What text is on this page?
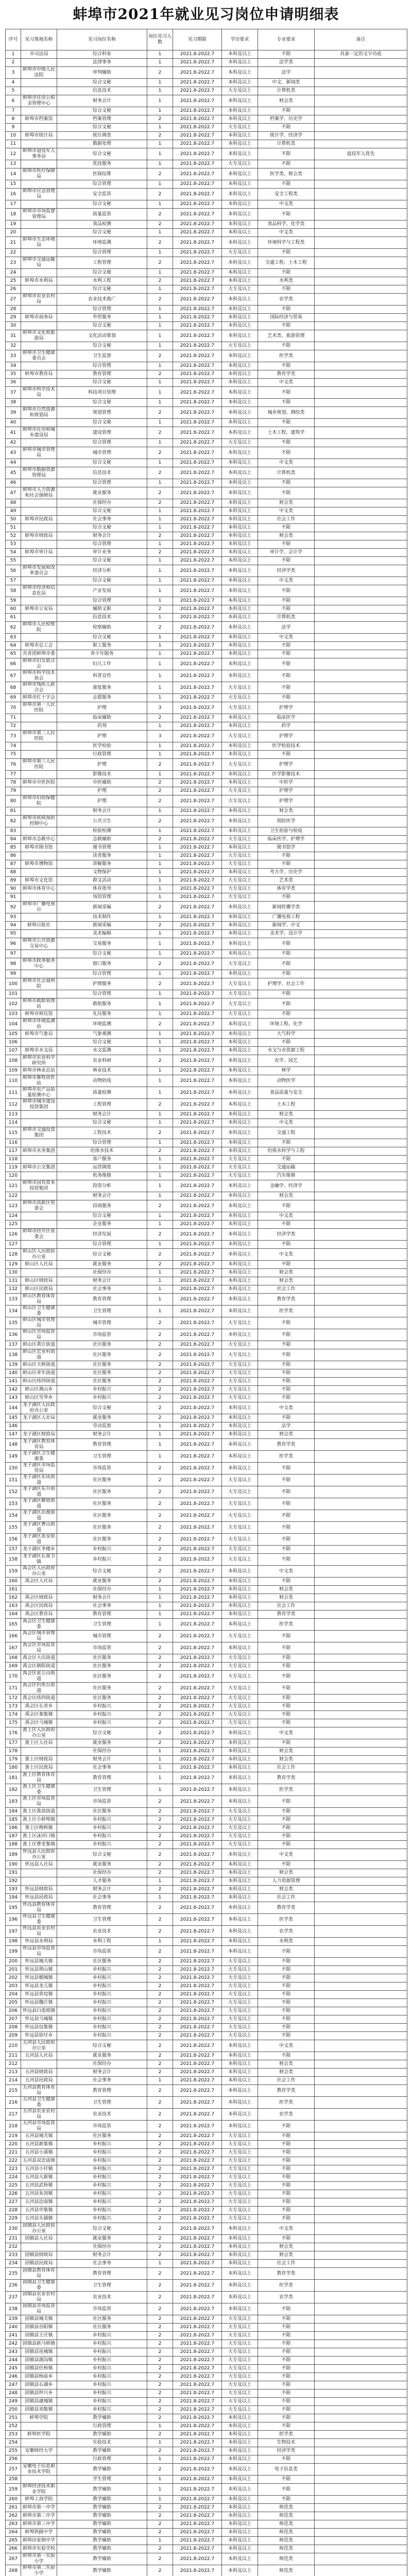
蚌埠市2021年就业见习岗位申请明细表
序号	见习基地名称	见习岗位名称	岗位见习人数	见习期限	学历要求	专业要求	备注
1	市司法局	综合科室	1	2021.8-2022.7	本科及以上	不限	具备一定的文字功底
2		法律事务	1	2021.8-2022.7	本科及以上	法学类	
3	蚌埠市中级人民法院	审判辅助	2	2021.8-2022.7	本科及以上	法学	
4		综合文秘	1	2021.8-2022.7	本科及以上	中文、新闻类	
5		信息技术	1	2021.8-2022.7	大专及以上	计算机类	
6	蚌埠市住房公积金管理中心	财务会计	1	2021.8-2022.7	本科及以上	财会类	
7		综合文秘	1	2021.8-2022.7	本科及以上	不限	
8	蚌埠市档案馆	档案管理	2	2021.8-2022.7	本科及以上	档案学、历史学	
9		综合文秘	1	2021.8-2022.7	大专及以上	不限	
10	蚌埠市统计局	统计调查	2	2021.8-2022.7	本科及以上	统计学、经济学	
11		数据处理	1	2021.8-2022.7	本科及以上	计算机类	
12	蚌埠市退役军人事务局	综合文秘	1	2021.8-2022.7	本科及以上	不限	退役军人优先
13		优抚服务	1	2021.8-2022.7	大专及以上	不限	
14	蚌埠市医疗保障局	医保结算	2	2021.8-2022.7	本科及以上	医学类、财会类	
15		综合管理	1	2021.8-2022.7	本科及以上	不限	
16	蚌埠市应急管理局	安全监管	2	2021.8-2022.7	本科及以上	安全工程类	
17		综合文秘	1	2021.8-2022.7	本科及以上	中文类	
18	蚌埠市市场监督管理局	质量监管	2	2021.8-2022.7	本科及以上	不限	
19		食品检测	2	2021.8-2022.7	本科及以上	食品科学、化学类	
20		综合文秘	1	2021.8-2022.7	本科及以上	中文类	
21	蚌埠市生态环境局	环境监测	2	2021.8-2022.7	本科及以上	环境科学与工程类	
22		综合管理	1	2021.8-2022.7	大专及以上	不限	
23	蚌埠市交通运输局	工程管理	2	2021.8-2022.7	本科及以上	交通工程、土木工程	
24		综合文秘	1	2021.8-2022.7	本科及以上	不限	
25	蚌埠市水利局	水利工程	2	2021.8-2022.7	本科及以上	水利类	
26		综合文秘	1	2021.8-2022.7	大专及以上	不限	
27	蚌埠市农业农村局	农业技术推广	2	2021.8-2022.7	本科及以上	农学类	
28		综合管理	1	2021.8-2022.7	本科及以上	不限	
29	蚌埠市商务局	外贸服务	1	2021.8-2022.7	本科及以上	国际经济与贸易	
30		综合文秘	1	2021.8-2022.7	本科及以上	不限	
31	蚌埠市文化和旅游局	文化活动策划	1	2021.8-2022.7	本科及以上	艺术类、旅游管理	
32		综合文秘	1	2021.8-2022.7	大专及以上	不限	
33	蚌埠市卫生健康委员会	卫生监督	2	2021.8-2022.7	本科及以上	医学类	
34		综合管理	1	2021.8-2022.7	本科及以上	不限	
35	蚌埠市教育局	教育管理	2	2021.8-2022.7	本科及以上	教育学类	
36		综合文秘	1	2021.8-2022.7	本科及以上	中文类	
37	蚌埠市科学技术局	科技项目管理	1	2021.8-2022.7	本科及以上	不限	
38		综合文秘	1	2021.8-2022.7	本科及以上	不限	
39	蚌埠市自然资源和规划局	规划管理	2	2021.8-2022.7	本科及以上	城乡规划、测绘类	
40		综合文秘	1	2021.8-2022.7	本科及以上	不限	
41	蚌埠市住房和城乡建设局	建设管理	2	2021.8-2022.7	本科及以上	土木工程、建筑学	
42		综合管理	1	2021.8-2022.7	大专及以上	不限	
43	蚌埠市城市管理局	城市管理	2	2021.8-2022.7	本科及以上	不限	
44		综合文秘	1	2021.8-2022.7	本科及以上	中文类	
45	蚌埠市数据资源管理局	信息技术	2	2021.8-2022.7	本科及以上	计算机类	
46		综合管理	1	2021.8-2022.7	本科及以上	不限	
47	蚌埠市人力资源和社会保障局	就业服务	2	2021.8-2022.7	本科及以上	不限	
48		社保经办	2	2021.8-2022.7	本科及以上	财会类	
49		综合文秘	1	2021.8-2022.7	本科及以上	中文类	
50	蚌埠市民政局	社会事务	1	2021.8-2022.7	本科及以上	社会工作	
51		综合文秘	1	2021.8-2022.7	本科及以上	不限	
52	蚌埠市财政局	财务会计	2	2021.8-2022.7	本科及以上	财会类	
53		综合管理	1	2021.8-2022.7	本科及以上	不限	
54	蚌埠市审计局	审计业务	2	2021.8-2022.7	本科及以上	审计学、会计学	
55		综合文秘	1	2021.8-2022.7	本科及以上	不限	
56	蚌埠市发展和改革委员会	经济分析	1	2021.8-2022.7	本科及以上	经济学类	
57		综合文秘	1	2021.8-2022.7	本科及以上	中文类	
58	蚌埠市经济和信息化局	产业发展	1	2021.8-2022.7	本科及以上	不限	
59		综合管理	1	2021.8-2022.7	本科及以上	不限	
60	蚌埠市公安局	辅助文职	2	2021.8-2022.7	本科及以上	不限	
61		信息技术	1	2021.8-2022.7	本科及以上	计算机类	
62	蚌埠市人民检察院	检察辅助	2	2021.8-2022.7	本科及以上	法学	
63		综合文秘	1	2021.8-2022.7	本科及以上	中文类	
64	蚌埠市总工会	职工服务	1	2021.8-2022.7	本科及以上	不限	
65	共青团蚌埠市委	青少年服务	1	2021.8-2022.7	本科及以上	不限	
66	蚌埠市妇女联合会	妇儿工作	1	2021.8-2022.7	本科及以上	不限	
67	蚌埠市科学技术协会	科普宣传	1	2021.8-2022.7	本科及以上	不限	
68	蚌埠市残疾人联合会	康复服务	1	2021.8-2022.7	大专及以上	不限	
69	蚌埠市红十字会	志愿服务	1	2021.8-2022.7	大专及以上	不限	
70	蚌埠市第一人民医院	护理	3	2021.8-2022.7	大专及以上	护理学	
71		临床辅助	2	2021.8-2022.7	本科及以上	临床医学	
72		药剂	1	2021.8-2022.7	本科及以上	药学	
73	蚌埠市第二人民医院	护理	3	2021.8-2022.7	大专及以上	护理学	
74		医学检验	1	2021.8-2022.7	本科及以上	医学检验技术	
75		行政管理	1	2021.8-2022.7	本科及以上	不限	
76	蚌埠市第三人民医院	护理	2	2021.8-2022.7	大专及以上	护理学	
77		影像技术	1	2021.8-2022.7	本科及以上	医学影像技术	
78	蚌埠市中医医院	中医辅助	2	2021.8-2022.7	本科及以上	中医学	
79		护理	2	2021.8-2022.7	大专及以上	护理学	
80	蚌埠市妇幼保健院	护理	2	2021.8-2022.7	大专及以上	护理学	
81		财务会计	1	2021.8-2022.7	本科及以上	财会类	
82	蚌埠市疾病预防控制中心	公共卫生	2	2021.8-2022.7	本科及以上	预防医学	
83		检验检测	1	2021.8-2022.7	本科及以上	卫生检验与检疫	
84	蚌埠市急救中心	急救辅助	2	2021.8-2022.7	大专及以上	临床医学、护理学	
85	蚌埠市图书馆	图书管理	1	2021.8-2022.7	本科及以上	图书馆学	
86		读者服务	1	2021.8-2022.7	大专及以上	不限	
87	蚌埠市博物馆	讲解服务	1	2021.8-2022.7	大专及以上	不限	
88		文物保护	1	2021.8-2022.7	本科及以上	考古学、历史学	
89	蚌埠市文化馆	群文活动	1	2021.8-2022.7	大专及以上	艺术类	
90	蚌埠市体育中心	体育指导	1	2021.8-2022.7	大专及以上	体育学类	
91		场馆管理	1	2021.8-2022.7	大专及以上	不限	
92	蚌埠市广播电视台	新闻采编	2	2021.8-2022.7	本科及以上	新闻传播学类	
93		技术制作	1	2021.8-2022.7	本科及以上	广播电视工程	
94	蚌埠日报社	新闻采编	2	2021.8-2022.7	本科及以上	新闻学、中文	
95		美术编辑	1	2021.8-2022.7	本科及以上	美术学、设计学	
96	蚌埠市公共资源交易中心	交易服务	1	2021.8-2022.7	本科及以上	不限	
97		综合文秘	1	2021.8-2022.7	本科及以上	不限	
98	蚌埠市政务服务中心	窗口服务	2	2021.8-2022.7	大专及以上	不限	
99		综合管理	1	2021.8-2022.7	本科及以上	不限	
100	蚌埠市社会福利院	护理服务	2	2021.8-2022.7	大专及以上	护理学、社会工作	
101		综合管理	1	2021.8-2022.7	大专及以上	不限	
102	蚌埠市救助管理站	救助服务	1	2021.8-2022.7	大专及以上	不限	
103	蚌埠市殡仪馆	礼仪服务	1	2021.8-2022.7	大专及以上	不限	
104	蚌埠市环境监测站	环境监测	2	2021.8-2022.7	本科及以上	环境工程、化学	
105	蚌埠市气象局	气象观测	1	2021.8-2022.7	本科及以上	大气科学	
106		综合文秘	1	2021.8-2022.7	本科及以上	不限	
107	蚌埠市水文局	水文监测	1	2021.8-2022.7	本科及以上	水文与水资源工程	
108	蚌埠市农业科学研究所	农业科研	2	2021.8-2022.7	本科及以上	农学、园艺	
109	蚌埠市林业总站	林业技术	1	2021.8-2022.7	本科及以上	林学	
110	蚌埠市畜牧兽医站	动物防疫	1	2021.8-2022.7	本科及以上	动物医学	
111	蚌埠市农产品质量检测中心	质量检测	1	2021.8-2022.7	本科及以上	食品质量与安全	
112	蚌埠市城市建设投资集团	工程管理	2	2021.8-2022.7	本科及以上	土木工程	
113		财务会计	1	2021.8-2022.7	本科及以上	财会类	
114		综合文秘	1	2021.8-2022.7	本科及以上	中文类	
115	蚌埠市交通投资集团	工程技术	2	2021.8-2022.7	本科及以上	交通工程	
116		综合管理	1	2021.8-2022.7	本科及以上	不限	
117	蚌埠市水务集团	给排水技术	2	2021.8-2022.7	本科及以上	给排水科学与工程	
118		客户服务	1	2021.8-2022.7	大专及以上	不限	
119	蚌埠市公交集团	运营调度	1	2021.8-2022.7	大专及以上	交通运输	
120		机务维修	1	2021.8-2022.7	大专及以上	汽车维修	
121	蚌埠市国有资本投资集团	投资分析	1	2021.8-2022.7	本科及以上	金融学、经济学	
122		财务会计	1	2021.8-2022.7	本科及以上	财会类	
123	蚌埠市高新区管委会	招商服务	2	2021.8-2022.7	本科及以上	不限	
124		综合文秘	1	2021.8-2022.7	本科及以上	中文类	
125		企业服务	1	2021.8-2022.7	本科及以上	不限	
126	蚌埠市经开区管委会	经济发展	2	2021.8-2022.7	本科及以上	经济学类	
127		综合管理	1	2021.8-2022.7	本科及以上	不限	
128	蚌山区人民政府办公室	综合文秘	2	2021.8-2022.7	本科及以上	中文类	
129	蚌山区人社局	就业服务	2	2021.8-2022.7	本科及以上	不限	
130		社保经办	1	2021.8-2022.7	本科及以上	财会类	
131	蚌山区财政局	财务会计	1	2021.8-2022.7	本科及以上	财会类	
132	蚌山区民政局	社会事务	1	2021.8-2022.7	本科及以上	社会工作	
133	蚌山区教育体育局	教育管理	1	2021.8-2022.7	本科及以上	教育学类	
134	蚌山区卫生健康委	卫生管理	1	2021.8-2022.7	本科及以上	医学类	
135	蚌山区城市管理局	城市管理	2	2021.8-2022.7	大专及以上	不限	
136	蚌山区市场监管局	市场监管	2	2021.8-2022.7	本科及以上	不限	
137	蚌山区黄庄街道	社区服务	2	2021.8-2022.7	大专及以上	不限	
138	蚌山区宏业村街道	社区服务	2	2021.8-2022.7	大专及以上	不限	
139	蚌山区天桥街道	社区服务	2	2021.8-2022.7	大专及以上	不限	
140	蚌山区青年街道	社区服务	2	2021.8-2022.7	大专及以上	不限	
141	蚌山区纬四街道	社区服务	2	2021.8-2022.7	大专及以上	不限	
142	蚌山区燕山乡	乡村振兴	2	2021.8-2022.7	大专及以上	不限	
143	蚌山区雪华乡	乡村振兴	2	2021.8-2022.7	大专及以上	不限	
144	龙子湖区人民政府办公室	综合文秘	2	2021.8-2022.7	本科及以上	中文类	
145	龙子湖区人社局	就业服务	2	2021.8-2022.7	本科及以上	不限	
146		劳动监察	1	2021.8-2022.7	本科及以上	法学	
147	龙子湖区财政局	财务会计	1	2021.8-2022.7	本科及以上	财会类	
148	龙子湖区教育体育局	教育管理	1	2021.8-2022.7	本科及以上	教育学类	
149	龙子湖区卫生健康委	卫生管理	1	2021.8-2022.7	本科及以上	医学类	
150	龙子湖区市场监管局	市场监管	2	2021.8-2022.7	本科及以上	不限	
151	龙子湖区东风街道	社区服务	2	2021.8-2022.7	大专及以上	不限	
152	龙子湖区东升街道	社区服务	2	2021.8-2022.7	大专及以上	不限	
153	龙子湖区解放街道	社区服务	2	2021.8-2022.7	大专及以上	不限	
154	龙子湖区治淮街道	社区服务	2	2021.8-2022.7	大专及以上	不限	
155	龙子湖区曹山街道	社区服务	2	2021.8-2022.7	大专及以上	不限	
156	龙子湖区延安街道	社区服务	2	2021.8-2022.7	大专及以上	不限	
157	龙子湖区李楼乡	乡村振兴	2	2021.8-2022.7	大专及以上	不限	
158	龙子湖区长淮卫镇	乡村振兴	2	2021.8-2022.7	大专及以上	不限	
159	禹会区人民政府办公室	综合文秘	2	2021.8-2022.7	本科及以上	中文类	
160	禹会区人社局	就业服务	2	2021.8-2022.7	本科及以上	不限	
161		社保经办	1	2021.8-2022.7	本科及以上	财会类	
162	禹会区财政局	财务会计	1	2021.8-2022.7	本科及以上	财会类	
163	禹会区民政局	社会事务	1	2021.8-2022.7	本科及以上	社会工作	
164	禹会区教育局	教育管理	1	2021.8-2022.7	本科及以上	教育学类	
165	禹会区卫生健康委	卫生管理	1	2021.8-2022.7	本科及以上	医学类	
166	禹会区城市管理局	城市管理	2	2021.8-2022.7	大专及以上	不限	
167	禹会区市场监管局	市场监管	2	2021.8-2022.7	本科及以上	不限	
168	禹会区大庆街道	社区服务	2	2021.8-2022.7	大专及以上	不限	
169	禹会区朝阳街道	社区服务	2	2021.8-2022.7	大专及以上	不限	
170	禹会区张公山街道	社区服务	2	2021.8-2022.7	大专及以上	不限	
171	禹会区钓鱼台街道	社区服务	2	2021.8-2022.7	大专及以上	不限	
172	禹会区纬四街道	社区服务	2	2021.8-2022.7	大专及以上	不限	
173	禹会区长青乡	乡村振兴	2	2021.8-2022.7	大专及以上	不限	
174	禹会区秦集镇	乡村振兴	2	2021.8-2022.7	大专及以上	不限	
175	禹会区马城镇	乡村振兴	2	2021.8-2022.7	大专及以上	不限	
176	淮上区人民政府办公室	综合文秘	2	2021.8-2022.7	本科及以上	中文类	
177	淮上区人社局	就业服务	2	2021.8-2022.7	本科及以上	不限	
178		社保经办	1	2021.8-2022.7	本科及以上	财会类	
179	淮上区财政局	财务会计	1	2021.8-2022.7	本科及以上	财会类	
180	淮上区民政局	社会事务	1	2021.8-2022.7	本科及以上	社会工作	
181	淮上区教育体育局	教育管理	1	2021.8-2022.7	本科及以上	教育学类	
182	淮上区卫生健康委	卫生管理	1	2021.8-2022.7	本科及以上	医学类	
183	淮上区市场监管局	市场监管	2	2021.8-2022.7	本科及以上	不限	
184	淮上区淮滨街道	社区服务	2	2021.8-2022.7	大专及以上	不限	
185	淮上区小蚌埠镇	乡村振兴	2	2021.8-2022.7	大专及以上	不限	
186	淮上区梅桥镇	乡村振兴	2	2021.8-2022.7	大专及以上	不限	
187	淮上区沫河口镇	乡村振兴	2	2021.8-2022.7	大专及以上	不限	
188	淮上区曹老集镇	乡村振兴	2	2021.8-2022.7	大专及以上	不限	
189	怀远县人民政府办公室	综合文秘	2	2021.8-2022.7	本科及以上	中文类	
190	怀远县人社局	就业服务	2	2021.8-2022.7	本科及以上	不限	
191		社保经办	2	2021.8-2022.7	本科及以上	财会类	
192		人才服务	1	2021.8-2022.7	本科及以上	人力资源管理	
193	怀远县财政局	财务会计	2	2021.8-2022.7	本科及以上	财会类	
194	怀远县民政局	社会事务	1	2021.8-2022.7	本科及以上	社会工作	
195	怀远县教育体育局	教育管理	2	2021.8-2022.7	本科及以上	教育学类	
196	怀远县卫生健康委	卫生管理	2	2021.8-2022.7	本科及以上	医学类	
197	怀远县农业农村局	农业技术	2	2021.8-2022.7	本科及以上	农学类	
198	怀远县水利局	水利工程	1	2021.8-2022.7	本科及以上	水利类	
199	怀远县市场监管局	市场监管	2	2021.8-2022.7	本科及以上	不限	
200	怀远县城关镇	社区服务	2	2021.8-2022.7	大专及以上	不限	
201	怀远县荆山镇	乡村振兴	2	2021.8-2022.7	大专及以上	不限	
202	怀远县榴城镇	乡村振兴	2	2021.8-2022.7	大专及以上	不限	
203	怀远县龙亢镇	乡村振兴	2	2021.8-2022.7	大专及以上	不限	
204	怀远县常坟镇	乡村振兴	2	2021.8-2022.7	大专及以上	不限	
205	怀远县魏庄镇	乡村振兴	2	2021.8-2022.7	大专及以上	不限	
206	怀远县白莲坡镇	乡村振兴	2	2021.8-2022.7	大专及以上	不限	
207	怀远县马城镇	乡村振兴	2	2021.8-2022.7	大专及以上	不限	
208	怀远县包集镇	乡村振兴	2	2021.8-2022.7	大专及以上	不限	
209	怀远县徐圩乡	乡村振兴	2	2021.8-2022.7	大专及以上	不限	
210	五河县人民政府办公室	综合文秘	2	2021.8-2022.7	本科及以上	中文类	
211	五河县人社局	就业服务	2	2021.8-2022.7	本科及以上	不限	
212		社保经办	2	2021.8-2022.7	本科及以上	财会类	
213	五河县财政局	财务会计	2	2021.8-2022.7	本科及以上	财会类	
214	五河县民政局	社会事务	1	2021.8-2022.7	本科及以上	社会工作	
215	五河县教育体育局	教育管理	2	2021.8-2022.7	本科及以上	教育学类	
216	五河县卫生健康委	卫生管理	2	2021.8-2022.7	本科及以上	医学类	
217	五河县农业农村局	农业技术	2	2021.8-2022.7	本科及以上	农学类	
218	五河县市场监管局	市场监管	2	2021.8-2022.7	本科及以上	不限	
219	五河县城关镇	社区服务	2	2021.8-2022.7	大专及以上	不限	
220	五河县新集镇	乡村振兴	2	2021.8-2022.7	大专及以上	不限	
221	五河县小溪镇	乡村振兴	2	2021.8-2022.7	大专及以上	不限	
222	五河县双忠庙镇	乡村振兴	2	2021.8-2022.7	大专及以上	不限	
223	五河县小圩镇	乡村振兴	2	2021.8-2022.7	大专及以上	不限	
224	五河县大新镇	乡村振兴	2	2021.8-2022.7	大专及以上	不限	
225	五河县武桥镇	乡村振兴	2	2021.8-2022.7	大专及以上	不限	
226	五河县朱顶镇	乡村振兴	2	2021.8-2022.7	大专及以上	不限	
227	五河县浍南镇	乡村振兴	2	2021.8-2022.7	大专及以上	不限	
228	五河县申集镇	乡村振兴	2	2021.8-2022.7	大专及以上	不限	
229	五河县头铺镇	乡村振兴	2	2021.8-2022.7	大专及以上	不限	
230	固镇县人民政府办公室	综合文秘	2	2021.8-2022.7	本科及以上	中文类	
231	固镇县人社局	就业服务	2	2021.8-2022.7	本科及以上	不限	
232		社保经办	2	2021.8-2022.7	本科及以上	财会类	
233	固镇县财政局	财务会计	2	2021.8-2022.7	本科及以上	财会类	
234	固镇县民政局	社会事务	1	2021.8-2022.7	本科及以上	社会工作	
235	固镇县教育体育局	教育管理	2	2021.8-2022.7	本科及以上	教育学类	
236	固镇县卫生健康委	卫生管理	2	2021.8-2022.7	本科及以上	医学类	
237	固镇县农业农村局	农业技术	2	2021.8-2022.7	本科及以上	农学类	
238	固镇县市场监管局	市场监管	2	2021.8-2022.7	本科及以上	不限	
239	固镇县城关镇	社区服务	2	2021.8-2022.7	大专及以上	不限	
240	固镇县谷阳镇	社区服务	2	2021.8-2022.7	大专及以上	不限	
241	固镇县王庄镇	乡村振兴	2	2021.8-2022.7	大专及以上	不限	
242	固镇县新马桥镇	乡村振兴	2	2021.8-2022.7	大专及以上	不限	
243	固镇县连城镇	乡村振兴	2	2021.8-2022.7	大专及以上	不限	
244	固镇县湖沟镇	乡村振兴	2	2021.8-2022.7	大专及以上	不限	
245	固镇县任桥镇	乡村振兴	2	2021.8-2022.7	大专及以上	不限	
246	固镇县杨庙乡	乡村振兴	2	2021.8-2022.7	大专及以上	不限	
247	固镇县石湖乡	乡村振兴	2	2021.8-2022.7	大专及以上	不限	
248	固镇县仲兴乡	乡村振兴	2	2021.8-2022.7	大专及以上	不限	
249	固镇县濠城镇	乡村振兴	2	2021.8-2022.7	大专及以上	不限	
250	固镇县刘集镇	乡村振兴	2	2021.8-2022.7	大专及以上	不限	
251	蚌埠学院	教学辅助	2	2021.8-2022.7	本科及以上	不限	
252		行政管理	1	2021.8-2022.7	本科及以上	不限	
253	蚌埠医学院	教学辅助	2	2021.8-2022.7	本科及以上	医学类	
254		实验技术	1	2021.8-2022.7	本科及以上	生物技术	
255	安徽财经大学	教学辅助	2	2021.8-2022.7	本科及以上	经济学类	
256		行政管理	1	2021.8-2022.7	本科及以上	不限	
257	安徽电子信息职业技术学院	教学辅助	2	2021.8-2022.7	本科及以上	电子信息类	
258		学生管理	1	2021.8-2022.7	本科及以上	不限	
259	蚌埠经济技术职业学院	教学辅助	1	2021.8-2022.7	本科及以上	不限	
260	蚌埠工商学院	教学辅助	1	2021.8-2022.7	本科及以上	不限	
261	蚌埠市第一中学	教学辅助	2	2021.8-2022.7	本科及以上	师范类	
262	蚌埠市第二中学	教学辅助	2	2021.8-2022.7	本科及以上	师范类	
263	蚌埠市第三中学	教学辅助	2	2021.8-2022.7	本科及以上	师范类	
264	蚌埠铁路中学	教学辅助	2	2021.8-2022.7	本科及以上	师范类	
265	蚌埠田家炳中学	教学辅助	1	2021.8-2022.7	本科及以上	师范类	
266	蚌埠市实验学校	教学辅助	2	2021.8-2022.7	本科及以上	师范类	
267	蚌埠市第一实验小学	教学辅助	2	2021.8-2022.7	本科及以上	师范类	
268	蚌埠市第二实验小学	教学辅助	2	2021.8-2022.7	本科及以上	师范类	
